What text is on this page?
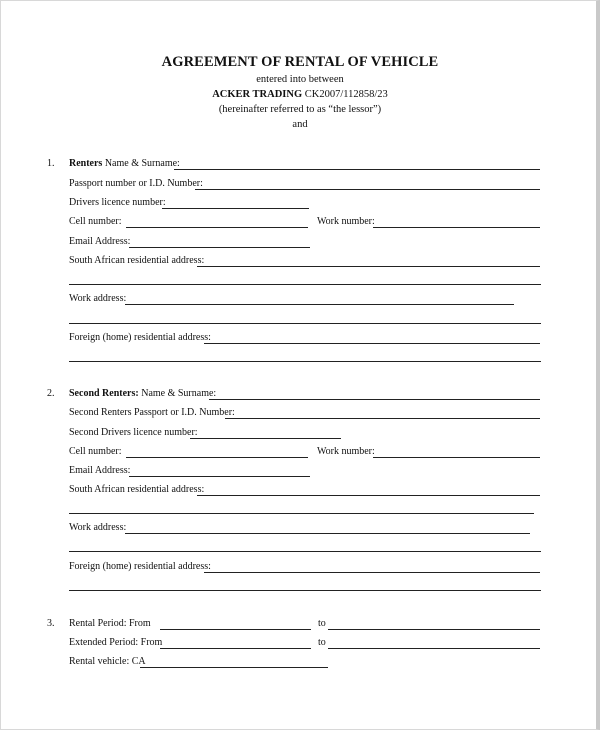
AGREEMENT OF RENTAL OF VEHICLE
entered into between
ACKER TRADING CK2007/112858/23
(hereinafter referred to as “the lessor”)
and
1. Renters Name & Surname:
Passport number or I.D. Number:
Drivers licence number:
Cell number:	Work number:
Email Address:
South African residential address:
Work address:
Foreign (home) residential address:
2. Second Renters: Name & Surname:
Second Renters Passport or I.D. Number:
Second Drivers licence number:
Cell number:	Work number:
Email Address:
South African residential address:
Work address:
Foreign (home) residential address:
3. Rental Period: From	to
Extended Period: From	to
Rental vehicle: CA
